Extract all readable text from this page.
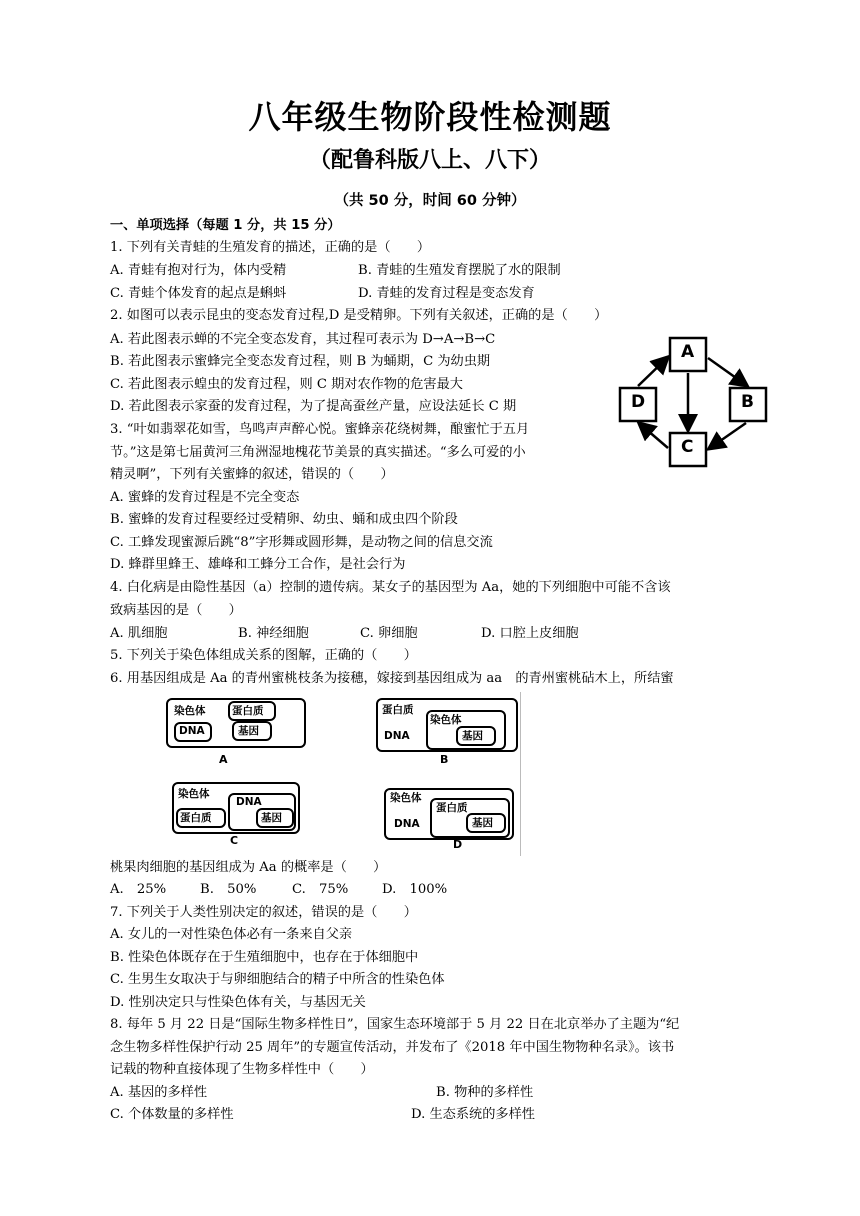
八年级生物阶段性检测题
（配鲁科版八上、八下）
（共 50 分，时间 60 分钟）
一、单项选择（每题 1 分，共 15 分）
1. 下列有关青蛙的生殖发育的描述，正确的是（　　）
A. 青蛙有抱对行为，体内受精	B. 青蛙的生殖发育摆脱了水的限制
C. 青蛙个体发育的起点是蝌蚪	D. 青蛙的发育过程是变态发育
2. 如图可以表示昆虫的变态发育过程,D 是受精卵。下列有关叙述，正确的是（　　）
A. 若此图表示蝉的不完全变态发育，其过程可表示为 D→A→B→C
B. 若此图表示蜜蜂完全变态发育过程，则 B 为蛹期，C 为幼虫期
C. 若此图表示蝗虫的发育过程，则 C 期对农作物的危害最大
D. 若此图表示家蚕的发育过程，为了提高蚕丝产量，应设法延长 C 期
A
B
C
D
3. “叶如翡翠花如雪，鸟鸣声声醉心悦。蜜蜂亲花绕树舞，酿蜜忙于五月
节。”这是第七届黄河三角洲湿地槐花节美景的真实描述。“多么可爱的小
精灵啊”，下列有关蜜蜂的叙述，错误的（　　）
A. 蜜蜂的发育过程是不完全变态
B. 蜜蜂的发育过程要经过受精卵、幼虫、蛹和成虫四个阶段
C. 工蜂发现蜜源后跳“8”字形舞或圆形舞，是动物之间的信息交流
D. 蜂群里蜂王、雄峰和工蜂分工合作，是社会行为
4. 白化病是由隐性基因（a）控制的遗传病。某女子的基因型为 Aa，她的下列细胞中可能不含该
致病基因的是（　　）
A. 肌细胞	B. 神经细胞	C. 卵细胞	D. 口腔上皮细胞
5. 下列关于染色体组成关系的图解，正确的（　　）
6. 用基因组成是 Aa 的青州蜜桃枝条为接穗，嫁接到基因组成为 aa　的青州蜜桃砧木上，所结蜜
染色体	蛋白质
DNA	基因
A
蛋白质
染色体
DNA	基因
B
染色体
DNA
蛋白质	基因
C
染色体
蛋白质
DNA	基因
D
桃果肉细胞的基因组成为 Aa 的概率是（　　）
A.　25%	B.　50%	C.　75%	D.　100%
7. 下列关于人类性别决定的叙述，错误的是（　　）
A. 女儿的一对性染色体必有一条来自父亲
B. 性染色体既存在于生殖细胞中，也存在于体细胞中
C. 生男生女取决于与卵细胞结合的精子中所含的性染色体
D. 性别决定只与性染色体有关，与基因无关
8. 每年 5 月 22 日是“国际生物多样性日”，国家生态环境部于 5 月 22 日在北京举办了主题为“纪
念生物多样性保护行动 25 周年”的专题宣传活动，并发布了《2018 年中国生物物种名录》。该书
记载的物种直接体现了生物多样性中（　　）
A. 基因的多样性	B. 物种的多样性
C. 个体数量的多样性	D. 生态系统的多样性
